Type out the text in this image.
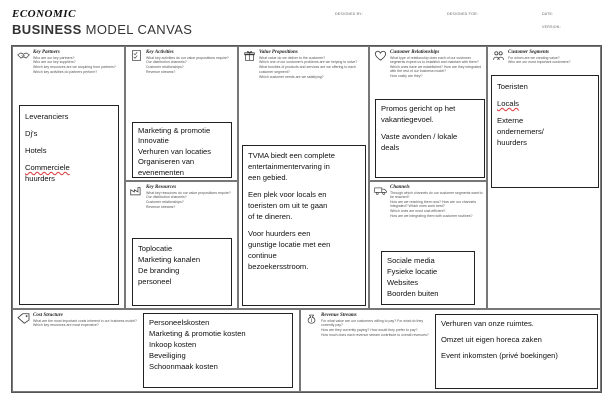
ECONOMIC
BUSINESS MODEL CANVAS
DESIGNED BY:	DESIGNED FOR:	DATE:
VERSION:
Key Partners
Who are our key partners?
Who are our key suppliers?
Which key resources are we acquiring from partners?
Which key activities do partners perform?
Leveranciers
Dj's
Hotels
Commerciele
huurders
Key Activities
What key activities do our value propositions require?
Our distribution channels?
Customer relationships?
Revenue streams?
Marketing & promotie
Innovatie
Verhuren van locaties
Organiseren van
evenementen
Key Resources
What key resources do our value propositions require?
Our distribution channels?
Customer relationships?
Revenue streams?
Toplocatie
Marketing kanalen
De branding
personeel
Value Propositions
What value do we deliver to the customer?
Which one of our customer's problems are we helping to solve?
What bundles of products and services are we offering to each customer segment?
Which customer needs are we satisfying?
TVMA biedt een complete
entertainmentervaring in
een gebied.
Een plek voor locals en
toeristen om uit te gaan
of te dineren.
Voor huurders een
gunstige locatie met een
continue
bezoekersstroom.
Customer Relationships
What type of relationship does each of our customer segments expect us to establish and maintain with them?
Which ones have we established? How are they integrated with the rest of our business model?
How costly are they?
Promos gericht op het
vakantiegevoel.
Vaste avonden / lokale
deals
Channels
Through which channels do our customer segments want to be reached?
How are we reaching them now? How are our channels integrated? Which ones work best?
Which ones are most cost-efficient?
How are we integrating them with customer routines?
Sociale media
Fysieke locatie
Websites
Boorden buiten
Customer Segments
For whom are we creating value?
Who are our most important customers?
Toeristen
Locals
Externe
ondernemers/
huurders
Cost Structure
What are the most important costs inherent in our business model?
Which key resources are most expensive?	Personeelskosten
Marketing & promotie kosten
Inkoop kosten
Beveiliging
Schoonmaak kosten
Revenue Streams
For what value are our customers willing to pay? For what do they currently pay?
How are they currently paying? How would they prefer to pay?
How much does each revenue stream contribute to overall revenues?
Verhuren van onze ruimtes.
Omzet uit eigen horeca zaken
Event inkomsten (privé boekingen)
